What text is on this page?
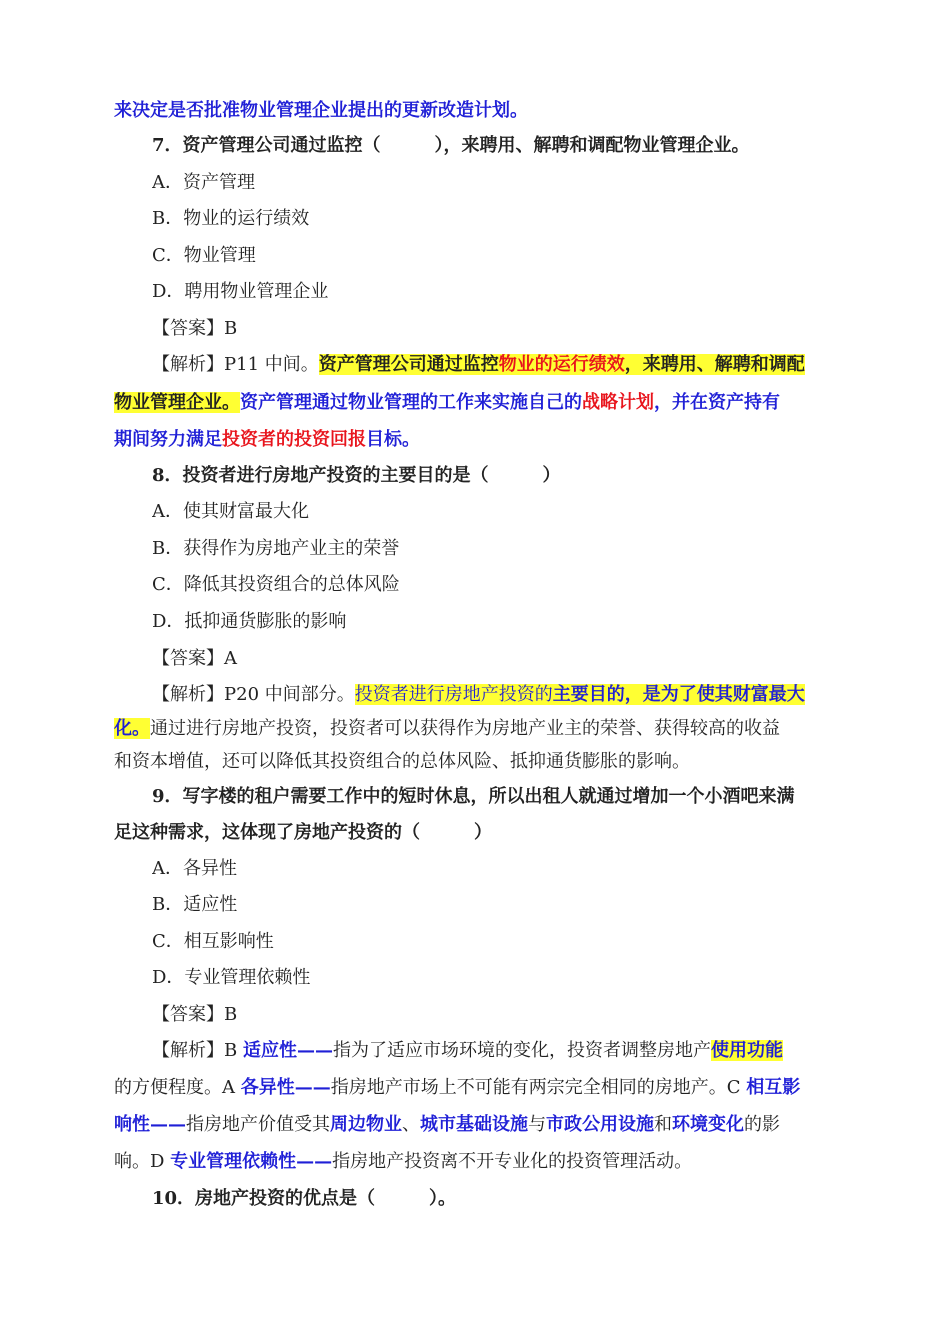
来决定是否批准物业管理企业提出的更新改造计划。
7．资产管理公司通过监控（　　　），来聘用、解聘和调配物业管理企业。
A．资产管理
B．物业的运行绩效
C．物业管理
D．聘用物业管理企业
【答案】B
【解析】P11 中间。资产管理公司通过监控物业的运行绩效，来聘用、解聘和调配
物业管理企业。资产管理通过物业管理的工作来实施自己的战略计划，并在资产持有
期间努力满足投资者的投资回报目标。
8．投资者进行房地产投资的主要目的是（　　　）
A．使其财富最大化
B．获得作为房地产业主的荣誉
C．降低其投资组合的总体风险
D．抵抑通货膨胀的影响
【答案】A
【解析】P20 中间部分。投资者进行房地产投资的主要目的，是为了使其财富最大
化。通过进行房地产投资，投资者可以获得作为房地产业主的荣誉、获得较高的收益
和资本增值，还可以降低其投资组合的总体风险、抵抑通货膨胀的影响。
9．写字楼的租户需要工作中的短时休息，所以出租人就通过增加一个小酒吧来满
足这种需求，这体现了房地产投资的（　　　）
A．各异性
B．适应性
C．相互影响性
D．专业管理依赖性
【答案】B
【解析】B 适应性——指为了适应市场环境的变化，投资者调整房地产使用功能
的方便程度。A 各异性——指房地产市场上不可能有两宗完全相同的房地产。C 相互影
响性——指房地产价值受其周边物业、城市基础设施与市政公用设施和环境变化的影
响。D 专业管理依赖性——指房地产投资离不开专业化的投资管理活动。
10．房地产投资的优点是（　　　）。
